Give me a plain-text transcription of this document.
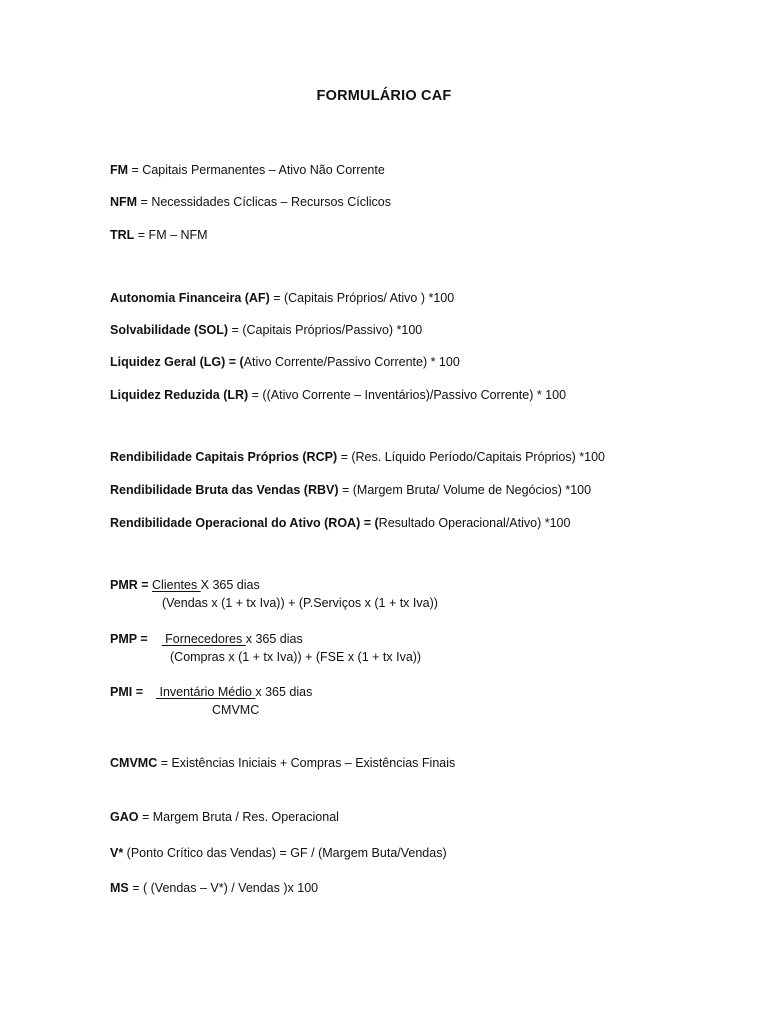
FORMULÁRIO CAF
FM = Capitais Permanentes – Ativo Não Corrente
NFM = Necessidades Cíclicas – Recursos Cíclicos
TRL = FM – NFM
Autonomia Financeira (AF) = (Capitais Próprios/ Ativo ) *100
Solvabilidade (SOL) = (Capitais Próprios/Passivo) *100
Liquidez Geral (LG) = (Ativo Corrente/Passivo Corrente) * 100
Liquidez Reduzida (LR) = ((Ativo Corrente – Inventários)/Passivo Corrente) * 100
Rendibilidade Capitais Próprios (RCP) = (Res. Líquido Período/Capitais Próprios) *100
Rendibilidade Bruta das Vendas (RBV) = (Margem Bruta/ Volume de Negócios) *100
Rendibilidade Operacional do Ativo (ROA) = (Resultado Operacional/Ativo) *100
PMR = Clientes X 365 dias
(Vendas x (1 + tx Iva)) + (P.Serviços x (1 + tx Iva))
PMP = Fornecedores x 365 dias
(Compras x (1 + tx Iva)) + (FSE x (1 + tx Iva))
PMI = Inventário Médio x 365 dias
CMVMC
CMVMC = Existências Iniciais + Compras – Existências Finais
GAO = Margem Bruta / Res. Operacional
V* (Ponto Crítico das Vendas) = GF / (Margem Buta/Vendas)
MS = ( (Vendas – V*) / Vendas )x 100
